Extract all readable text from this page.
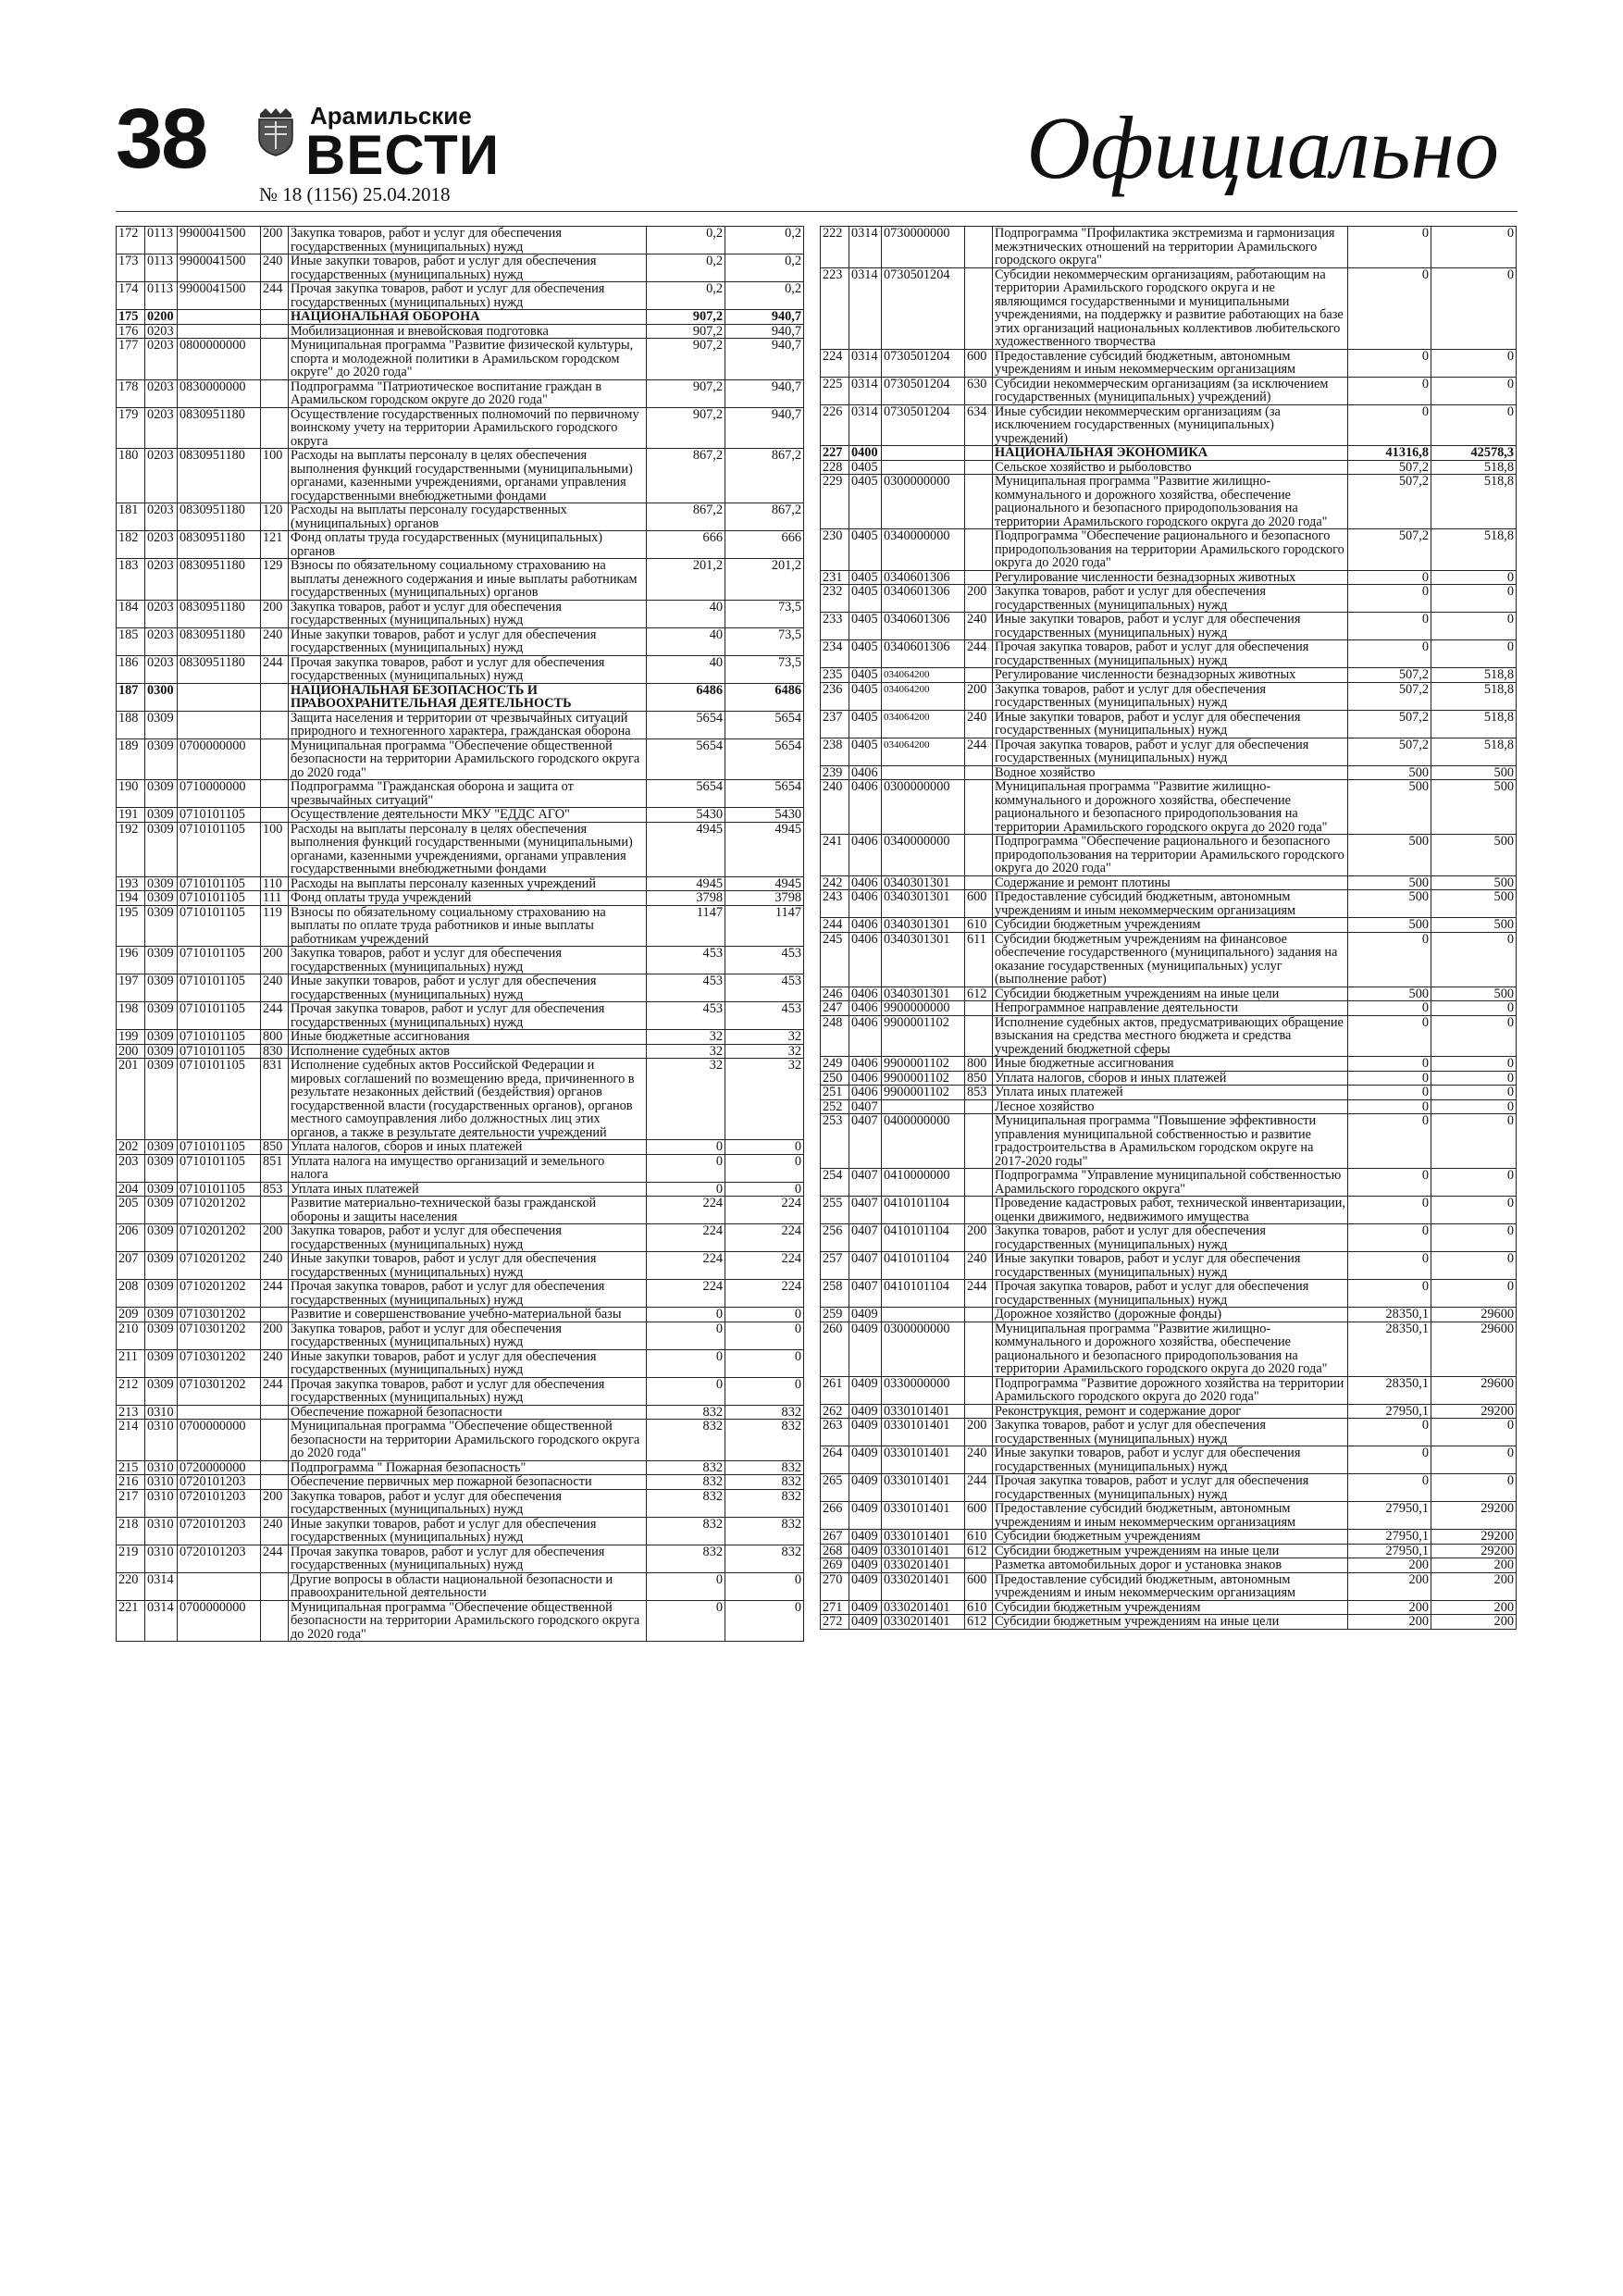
38	Арамильские
ВЕСТИ
№ 18 (1156) 25.04.2018	Официально
172	0113	9900041500	200	Закупка товаров, работ и услуг для обеспечения государственных (муниципальных) нужд	0,2	0,2
173	0113	9900041500	240	Иные закупки товаров, работ и услуг для обеспечения государственных (муниципальных) нужд	0,2	0,2
174	0113	9900041500	244	Прочая закупка товаров, работ и услуг для обеспечения государственных (муниципальных) нужд	0,2	0,2
175	0200			НАЦИОНАЛЬНАЯ ОБОРОНА	907,2	940,7
176	0203			Мобилизационная и вневойсковая подготовка	907,2	940,7
177	0203	0800000000		Муниципальная программа "Развитие физической культуры, спорта и молодежной политики в Арамильском городском округе" до 2020 года"	907,2	940,7
178	0203	0830000000		Подпрограмма "Патриотическое воспитание граждан в Арамильском городском округе до 2020 года"	907,2	940,7
179	0203	0830951180		Осуществление государственных полномочий по первичному воинскому учету на территории Арамильского городского округа	907,2	940,7
180	0203	0830951180	100	Расходы на выплаты персоналу в целях обеспечения выполнения функций государственными (муниципальными) органами, казенными учреждениями, органами управления государственными внебюджетными фондами	867,2	867,2
181	0203	0830951180	120	Расходы на выплаты персоналу государственных (муниципальных) органов	867,2	867,2
182	0203	0830951180	121	Фонд оплаты труда государственных (муниципальных) органов	666	666
183	0203	0830951180	129	Взносы по обязательному социальному страхованию на выплаты денежного содержания и иные выплаты работникам государственных (муниципальных) органов	201,2	201,2
184	0203	0830951180	200	Закупка товаров, работ и услуг для обеспечения государственных (муниципальных) нужд	40	73,5
185	0203	0830951180	240	Иные закупки товаров, работ и услуг для обеспечения государственных (муниципальных) нужд	40	73,5
186	0203	0830951180	244	Прочая закупка товаров, работ и услуг для обеспечения государственных (муниципальных) нужд	40	73,5
187	0300			НАЦИОНАЛЬНАЯ БЕЗОПАСНОСТЬ И ПРАВООХРАНИТЕЛЬНАЯ ДЕЯТЕЛЬНОСТЬ	6486	6486
188	0309			Защита населения и территории от чрезвычайных ситуаций природного и техногенного характера, гражданская оборона	5654	5654
189	0309	0700000000		Муниципальная программа "Обеспечение общественной безопасности на территории Арамильского городского округа до 2020 года"	5654	5654
190	0309	0710000000		Подпрограмма "Гражданская оборона и защита от чрезвычайных ситуаций"	5654	5654
191	0309	0710101105		Осуществление деятельности МКУ "ЕДДС АГО"	5430	5430
192	0309	0710101105	100	Расходы на выплаты персоналу в целях обеспечения выполнения функций государственными (муниципальными) органами, казенными учреждениями, органами управления государственными внебюджетными фондами	4945	4945
193	0309	0710101105	110	Расходы на выплаты персоналу казенных учреждений	4945	4945
194	0309	0710101105	111	Фонд оплаты труда учреждений	3798	3798
195	0309	0710101105	119	Взносы по обязательному социальному страхованию на выплаты по оплате труда работников и иные выплаты работникам учреждений	1147	1147
196	0309	0710101105	200	Закупка товаров, работ и услуг для обеспечения государственных (муниципальных) нужд	453	453
197	0309	0710101105	240	Иные закупки товаров, работ и услуг для обеспечения государственных (муниципальных) нужд	453	453
198	0309	0710101105	244	Прочая закупка товаров, работ и услуг для обеспечения государственных (муниципальных) нужд	453	453
199	0309	0710101105	800	Иные бюджетные ассигнования	32	32
200	0309	0710101105	830	Исполнение судебных актов	32	32
201	0309	0710101105	831	Исполнение судебных актов Российской Федерации и мировых соглашений по возмещению вреда, причиненного в результате незаконных действий (бездействия) органов государственной власти (государственных органов), органов местного самоуправления либо должностных лиц этих органов, а также в результате деятельности учреждений	32	32
202	0309	0710101105	850	Уплата налогов, сборов и иных платежей	0	0
203	0309	0710101105	851	Уплата налога на имущество организаций и земельного налога	0	0
204	0309	0710101105	853	Уплата иных платежей	0	0
205	0309	0710201202		Развитие материально-технической базы гражданской обороны и защиты населения	224	224
206	0309	0710201202	200	Закупка товаров, работ и услуг для обеспечения государственных (муниципальных) нужд	224	224
207	0309	0710201202	240	Иные закупки товаров, работ и услуг для обеспечения государственных (муниципальных) нужд	224	224
208	0309	0710201202	244	Прочая закупка товаров, работ и услуг для обеспечения государственных (муниципальных) нужд	224	224
209	0309	0710301202		Развитие и совершенствование учебно-материальной базы	0	0
210	0309	0710301202	200	Закупка товаров, работ и услуг для обеспечения государственных (муниципальных) нужд	0	0
211	0309	0710301202	240	Иные закупки товаров, работ и услуг для обеспечения государственных (муниципальных) нужд	0	0
212	0309	0710301202	244	Прочая закупка товаров, работ и услуг для обеспечения государственных (муниципальных) нужд	0	0
213	0310			Обеспечение пожарной безопасности	832	832
214	0310	0700000000		Муниципальная программа "Обеспечение общественной безопасности на территории Арамильского городского округа до 2020 года"	832	832
215	0310	0720000000		Подпрограмма " Пожарная безопасность"	832	832
216	0310	0720101203		Обеспечение первичных мер пожарной безопасности	832	832
217	0310	0720101203	200	Закупка товаров, работ и услуг для обеспечения государственных (муниципальных) нужд	832	832
218	0310	0720101203	240	Иные закупки товаров, работ и услуг для обеспечения государственных (муниципальных) нужд	832	832
219	0310	0720101203	244	Прочая закупка товаров, работ и услуг для обеспечения государственных (муниципальных) нужд	832	832
220	0314			Другие вопросы в области национальной безопасности и правоохранительной деятельности	0	0
221	0314	0700000000		Муниципальная программа "Обеспечение общественной безопасности на территории Арамильского городского округа до 2020 года"	0	0
222	0314	0730000000		Подпрограмма "Профилактика экстремизма и гармонизация межэтнических отношений на территории Арамильского городского округа"	0	0
223	0314	0730501204		Субсидии некоммерческим организациям, работающим на территории Арамильского городского округа и не являющимся государственными и муниципальными учреждениями, на поддержку и развитие работающих на базе этих организаций национальных коллективов любительского художественного творчества	0	0
224	0314	0730501204	600	Предоставление субсидий бюджетным, автономным учреждениям и иным некоммерческим организациям	0	0
225	0314	0730501204	630	Субсидии некоммерческим организациям (за исключением государственных (муниципальных) учреждений)	0	0
226	0314	0730501204	634	Иные субсидии некоммерческим организациям (за исключением государственных (муниципальных) учреждений)	0	0
227	0400			НАЦИОНАЛЬНАЯ ЭКОНОМИКА	41316,8	42578,3
228	0405			Сельское хозяйство и рыболовство	507,2	518,8
229	0405	0300000000		Муниципальная программа "Развитие жилищно-коммунального и дорожного хозяйства, обеспечение рационального и безопасного природопользования на территории Арамильского городского округа до 2020 года"	507,2	518,8
230	0405	0340000000		Подпрограмма "Обеспечение рационального и безопасного природопользования на территории Арамильского городского округа до 2020 года"	507,2	518,8
231	0405	0340601306		Регулирование численности безнадзорных животных	0	0
232	0405	0340601306	200	Закупка товаров, работ и услуг для обеспечения государственных (муниципальных) нужд	0	0
233	0405	0340601306	240	Иные закупки товаров, работ и услуг для обеспечения государственных (муниципальных) нужд	0	0
234	0405	0340601306	244	Прочая закупка товаров, работ и услуг для обеспечения государственных (муниципальных) нужд	0	0
235	0405	034064200		Регулирование численности безнадзорных животных	507,2	518,8
236	0405	034064200	200	Закупка товаров, работ и услуг для обеспечения государственных (муниципальных) нужд	507,2	518,8
237	0405	034064200	240	Иные закупки товаров, работ и услуг для обеспечения государственных (муниципальных) нужд	507,2	518,8
238	0405	034064200	244	Прочая закупка товаров, работ и услуг для обеспечения государственных (муниципальных) нужд	507,2	518,8
239	0406			Водное хозяйство	500	500
240	0406	0300000000		Муниципальная программа "Развитие жилищно-коммунального и дорожного хозяйства, обеспечение рационального и безопасного природопользования на территории Арамильского городского округа до 2020 года"	500	500
241	0406	0340000000		Подпрограмма "Обеспечение рационального и безопасного природопользования на территории Арамильского городского округа до 2020 года"	500	500
242	0406	0340301301		Содержание и ремонт плотины	500	500
243	0406	0340301301	600	Предоставление субсидий бюджетным, автономным учреждениям и иным некоммерческим организациям	500	500
244	0406	0340301301	610	Субсидии бюджетным учреждениям	500	500
245	0406	0340301301	611	Субсидии бюджетным учреждениям на финансовое обеспечение государственного (муниципального) задания на оказание государственных (муниципальных) услуг (выполнение работ)	0	0
246	0406	0340301301	612	Субсидии бюджетным учреждениям на иные цели	500	500
247	0406	9900000000		Непрограммное направление деятельности	0	0
248	0406	9900001102		Исполнение судебных актов, предусматривающих обращение взыскания на средства местного бюджета и средства учреждений бюджетной сферы	0	0
249	0406	9900001102	800	Иные бюджетные ассигнования	0	0
250	0406	9900001102	850	Уплата налогов, сборов и иных платежей	0	0
251	0406	9900001102	853	Уплата иных платежей	0	0
252	0407			Лесное хозяйство	0	0
253	0407	0400000000		Муниципальная программа "Повышение эффективности управления муниципальной собственностью и развитие градостроительства в Арамильском городском округе на 2017-2020 годы"	0	0
254	0407	0410000000		Подпрограмма "Управление муниципальной собственностью Арамильского городского округа"	0	0
255	0407	0410101104		Проведение кадастровых работ, технической инвентаризации, оценки движимого, недвижимого имущества	0	0
256	0407	0410101104	200	Закупка товаров, работ и услуг для обеспечения государственных (муниципальных) нужд	0	0
257	0407	0410101104	240	Иные закупки товаров, работ и услуг для обеспечения государственных (муниципальных) нужд	0	0
258	0407	0410101104	244	Прочая закупка товаров, работ и услуг для обеспечения государственных (муниципальных) нужд	0	0
259	0409			Дорожное хозяйство (дорожные фонды)	28350,1	29600
260	0409	0300000000		Муниципальная программа "Развитие жилищно-коммунального и дорожного хозяйства, обеспечение рационального и безопасного природопользования на территории Арамильского городского округа до 2020 года"	28350,1	29600
261	0409	0330000000		Подпрограмма "Развитие дорожного хозяйства на территории Арамильского городского округа до 2020 года"	28350,1	29600
262	0409	0330101401		Реконструкция, ремонт и содержание дорог	27950,1	29200
263	0409	0330101401	200	Закупка товаров, работ и услуг для обеспечения государственных (муниципальных) нужд	0	0
264	0409	0330101401	240	Иные закупки товаров, работ и услуг для обеспечения государственных (муниципальных) нужд	0	0
265	0409	0330101401	244	Прочая закупка товаров, работ и услуг для обеспечения государственных (муниципальных) нужд	0	0
266	0409	0330101401	600	Предоставление субсидий бюджетным, автономным учреждениям и иным некоммерческим организациям	27950,1	29200
267	0409	0330101401	610	Субсидии бюджетным учреждениям	27950,1	29200
268	0409	0330101401	612	Субсидии бюджетным учреждениям на иные цели	27950,1	29200
269	0409	0330201401		Разметка автомобильных дорог и установка знаков	200	200
270	0409	0330201401	600	Предоставление субсидий бюджетным, автономным учреждениям и иным некоммерческим организациям	200	200
271	0409	0330201401	610	Субсидии бюджетным учреждениям	200	200
272	0409	0330201401	612	Субсидии бюджетным учреждениям на иные цели	200	200
